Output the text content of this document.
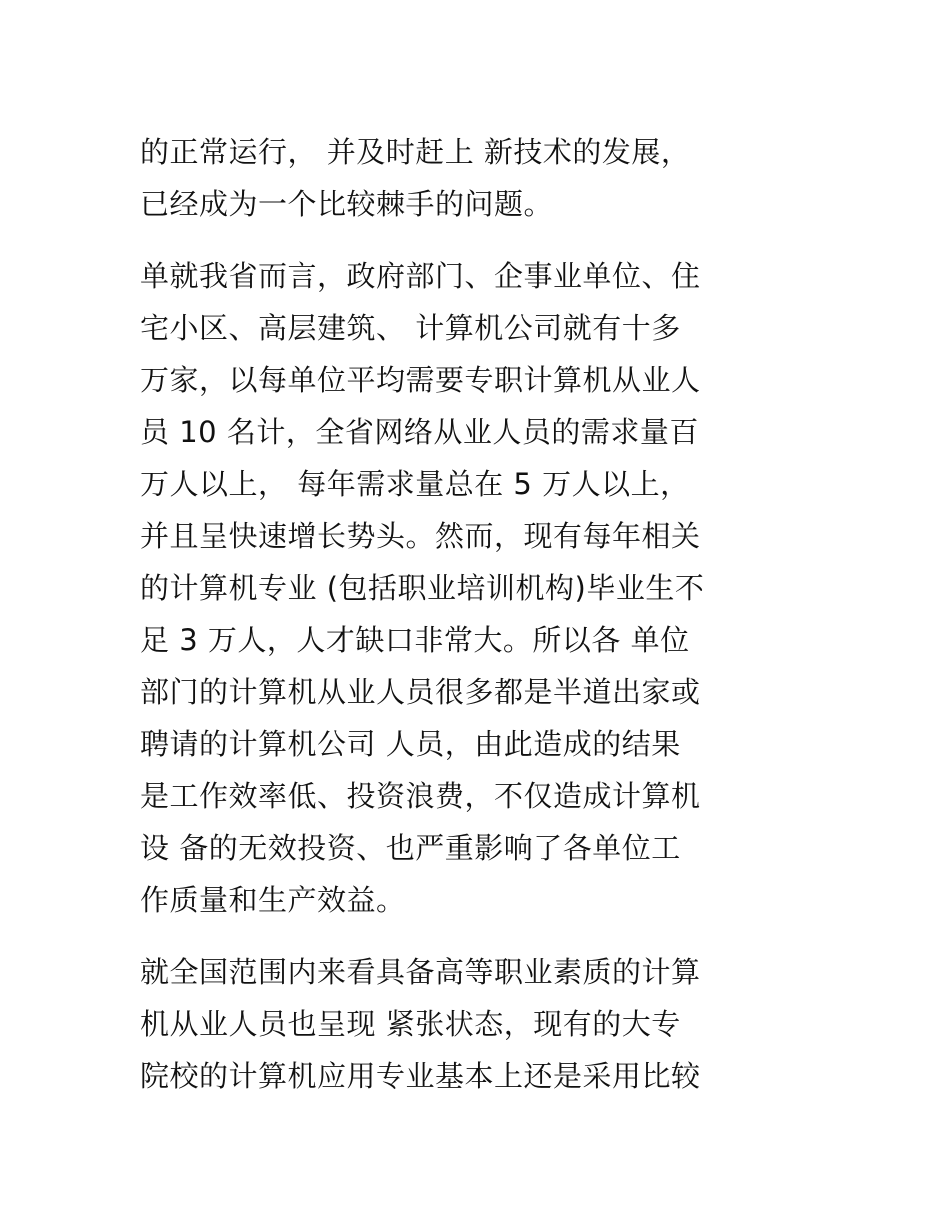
的正常运行， 并及时赶上 新技术的发展，
已经成为一个比较棘手的问题。
单就我省而言，政府部门、企事业单位、住
宅小区、高层建筑、 计算机公司就有十多
万家，以每单位平均需要专职计算机从业人
员 10 名计，全省网络从业人员的需求量百
万人以上， 每年需求量总在 5 万人以上，
并且呈快速增长势头。然而，现有每年相关
的计算机专业 (包括职业培训机构)毕业生不
足 3 万人，人才缺口非常大。所以各 单位
部门的计算机从业人员很多都是半道出家或
聘请的计算机公司 人员，由此造成的结果
是工作效率低、投资浪费，不仅造成计算机
设 备的无效投资、也严重影响了各单位工
作质量和生产效益。
就全国范围内来看具备高等职业素质的计算
机从业人员也呈现 紧张状态，现有的大专
院校的计算机应用专业基本上还是采用比较
